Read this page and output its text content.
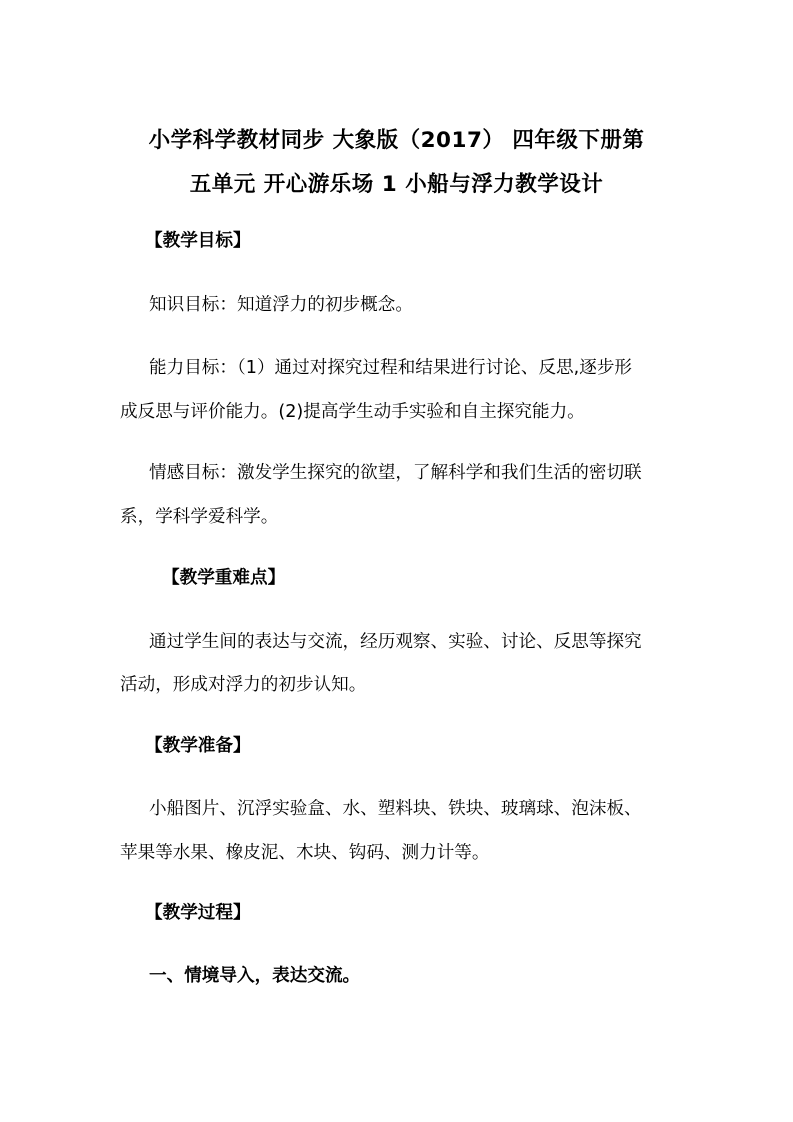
小学科学教材同步 大象版（2017） 四年级下册第
五单元 开心游乐场 1 小船与浮力教学设计
【教学目标】
知识目标：知道浮力的初步概念。
能力目标：（1）通过对探究过程和结果进行讨论、反思,逐步形
成反思与评价能力。(2)提高学生动手实验和自主探究能力。
情感目标：激发学生探究的欲望，了解科学和我们生活的密切联
系，学科学爱科学。
【教学重难点】
通过学生间的表达与交流，经历观察、实验、讨论、反思等探究
活动，形成对浮力的初步认知。
【教学准备】
小船图片、沉浮实验盒、水、塑料块、铁块、玻璃球、泡沫板、
苹果等水果、橡皮泥、木块、钩码、测力计等。
【教学过程】
一、情境导入，表达交流。
